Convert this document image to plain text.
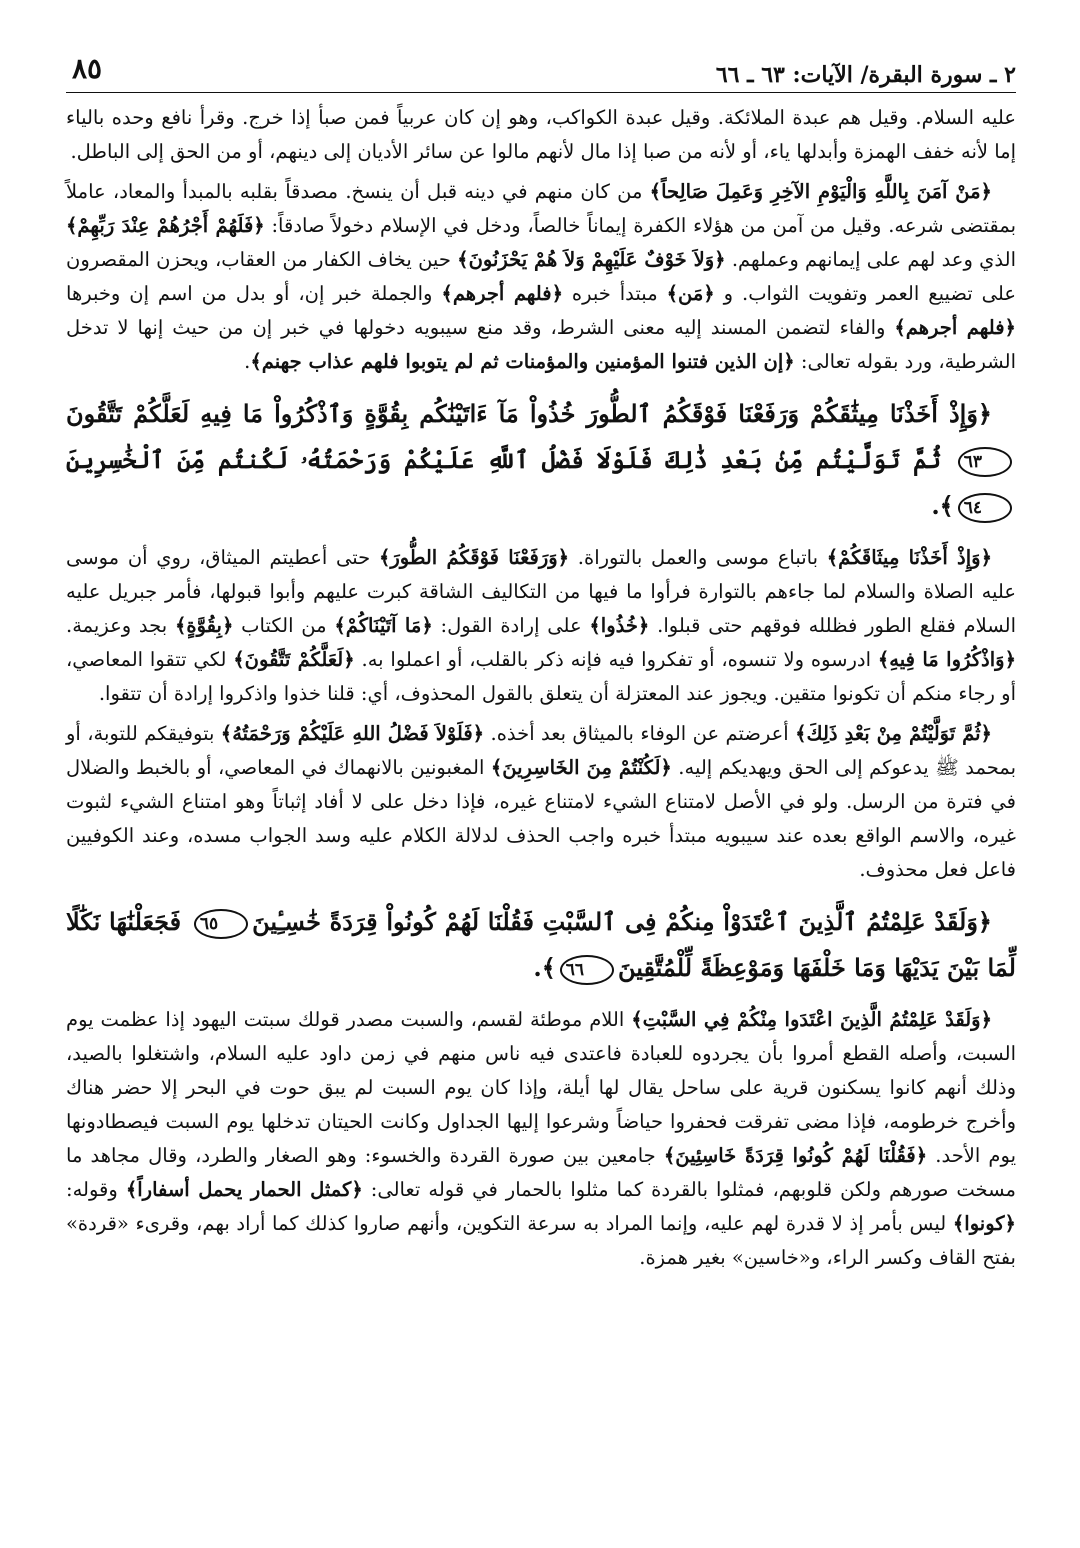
٢ ـ سورة البقرة/ الآيات: ٦٣ ـ ٦٦
٨٥

عليه السلام. وقيل هم عبدة الملائكة. وقيل عبدة الكواكب، وهو إن كان عربياً فمن صبأ إذا خرج. وقرأ نافع وحده بالياء إما لأنه خفف الهمزة وأبدلها ياء، أو لأنه من صبا إذا مال لأنهم مالوا عن سائر الأديان إلى دينهم، أو من الحق إلى الباطل.

﴿مَنْ آمَنَ بِاللَّهِ وَالْيَوْمِ الآخِرِ وَعَمِلَ صَالِحاً﴾ من كان منهم في دينه قبل أن ينسخ. مصدقاً بقلبه بالمبدأ والمعاد، عاملاً بمقتضى شرعه. وقيل من آمن من هؤلاء الكفرة إيماناً خالصاً، ودخل في الإسلام دخولاً صادقاً: ﴿فَلَهُمْ أَجْرُهُمْ عِنْدَ رَبِّهِمْ﴾ الذي وعد لهم على إيمانهم وعملهم. ﴿وَلاَ خَوْفٌ عَلَيْهِمْ وَلاَ هُمْ يَحْزَنُونَ﴾ حين يخاف الكفار من العقاب، ويحزن المقصرون على تضييع العمر وتفويت الثواب. و ﴿مَن﴾ مبتدأ خبره ﴿فلهم أجرهم﴾ والجملة خبر إن، أو بدل من اسم إن وخبرها ﴿فلهم أجرهم﴾ والفاء لتضمن المسند إليه معنى الشرط، وقد منع سيبويه دخولها في خبر إن من حيث إنها لا تدخل الشرطية، ورد بقوله تعالى: ﴿إن الذين فتنوا المؤمنين والمؤمنات ثم لم يتوبوا فلهم عذاب جهنم﴾.

﴿وَإِذْ أَخَذْنَا مِيثَٰقَكُمْ وَرَفَعْنَا فَوْقَكُمُ ٱلطُّورَ خُذُواْ مَآ ءَاتَيْنَٰكُم بِقُوَّةٍ وَٱذْكُرُواْ مَا فِيهِ لَعَلَّكُمْ تَتَّقُونَ٦٣ ثُمَّ تَوَلَّيْتُم مِّنۢ بَعْدِ ذَٰلِكَ فَلَوْلَا فَضْلُ ٱللَّهِ عَلَيْكُمْ وَرَحْمَتُهُۥ لَكُنتُم مِّنَ ٱلْخَٰسِرِينَ٦٤﴾.

﴿وَإِذْ أَخَذْنَا مِيثَاقَكُمْ﴾ باتباع موسى والعمل بالتوراة. ﴿وَرَفَعْنَا فَوْقَكُمُ الطُّورَ﴾ حتى أعطيتم الميثاق، روي أن موسى عليه الصلاة والسلام لما جاءهم بالتوارة فرأوا ما فيها من التكاليف الشاقة كبرت عليهم وأبوا قبولها، فأمر جبريل عليه السلام فقلع الطور فظلله فوقهم حتى قبلوا. ﴿خُذُوا﴾ على إرادة القول: ﴿مَا آتَيْنَاكُمْ﴾ من الكتاب ﴿بِقُوَّةٍ﴾ بجد وعزيمة. ﴿وَاذْكُرُوا مَا فِيهِ﴾ ادرسوه ولا تنسوه، أو تفكروا فيه فإنه ذكر بالقلب، أو اعملوا به. ﴿لَعَلَّكُمْ تَتَّقُونَ﴾ لكي تتقوا المعاصي، أو رجاء منكم أن تكونوا متقين. ويجوز عند المعتزلة أن يتعلق بالقول المحذوف، أي: قلنا خذوا واذكروا إرادة أن تتقوا.

﴿ثُمَّ تَوَلَّيْتُمْ مِنْ بَعْدِ ذَلِكَ﴾ أعرضتم عن الوفاء بالميثاق بعد أخذه. ﴿فَلَوْلاَ فَضْلُ اللهِ عَلَيْكُمْ وَرَحْمَتُهُ﴾ بتوفيقكم للتوبة، أو بمحمد ﷺ يدعوكم إلى الحق ويهديكم إليه. ﴿لَكُنْتُمْ مِنَ الخَاسِرِينَ﴾ المغبونين بالانهماك في المعاصي، أو بالخبط والضلال في فترة من الرسل. ولو في الأصل لامتناع الشيء لامتناع غيره، فإذا دخل على لا أفاد إثباتاً وهو امتناع الشيء لثبوت غيره، والاسم الواقع بعده عند سيبويه مبتدأ خبره واجب الحذف لدلالة الكلام عليه وسد الجواب مسده، وعند الكوفيين فاعل فعل محذوف.

﴿وَلَقَدْ عَلِمْتُمُ ٱلَّذِينَ ٱعْتَدَوْاْ مِنكُمْ فِى ٱلسَّبْتِ فَقُلْنَا لَهُمْ كُونُواْ قِرَدَةً خَٰسِـِٔينَ٦٥ فَجَعَلْنَٰهَا نَكَٰلًا لِّمَا بَيْنَ يَدَيْهَا وَمَا خَلْفَهَا وَمَوْعِظَةً لِّلْمُتَّقِينَ٦٦﴾.

﴿وَلَقَدْ عَلِمْتُمُ الَّذِينَ اعْتَدَوا مِنْكُمْ فِي السَّبْتِ﴾ اللام موطئة لقسم، والسبت مصدر قولك سبتت اليهود إذا عظمت يوم السبت، وأصله القطع أمروا بأن يجردوه للعبادة فاعتدى فيه ناس منهم في زمن داود عليه السلام، واشتغلوا بالصيد، وذلك أنهم كانوا يسكنون قرية على ساحل يقال لها أيلة، وإذا كان يوم السبت لم يبق حوت في البحر إلا حضر هناك وأخرج خرطومه، فإذا مضى تفرقت فحفروا حياضاً وشرعوا إليها الجداول وكانت الحيتان تدخلها يوم السبت فيصطادونها يوم الأحد. ﴿فَقُلْنَا لَهُمْ كُونُوا قِرَدَةً خَاسِئِينَ﴾ جامعين بين صورة القردة والخسوء: وهو الصغار والطرد، وقال مجاهد ما مسخت صورهم ولكن قلوبهم، فمثلوا بالقردة كما مثلوا بالحمار في قوله تعالى: ﴿كمثل الحمار يحمل أسفاراً﴾ وقوله: ﴿كونوا﴾ ليس بأمر إذ لا قدرة لهم عليه، وإنما المراد به سرعة التكوين، وأنهم صاروا كذلك كما أراد بهم، وقرىء «قردة» بفتح القاف وكسر الراء، و«خاسين» بغير همزة.
